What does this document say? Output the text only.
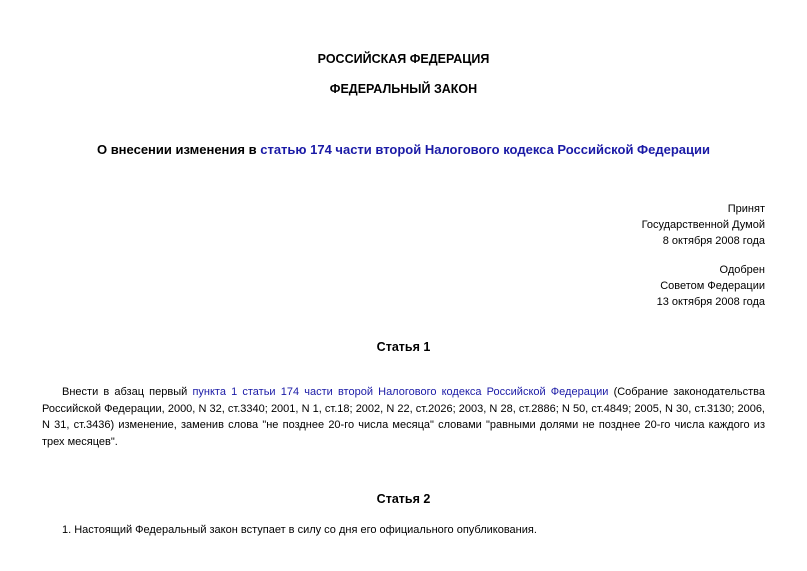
РОССИЙСКАЯ ФЕДЕРАЦИЯ
ФЕДЕРАЛЬНЫЙ ЗАКОН
О внесении изменения в статью 174 части второй Налогового кодекса Российской Федерации
Принят
Государственной Думой
8 октября 2008 года
Одобрен
Советом Федерации
13 октября 2008 года
Статья 1
Внести в абзац первый пункта 1 статьи 174 части второй Налогового кодекса Российской Федерации (Собрание законодательства Российской Федерации, 2000, N 32, ст.3340; 2001, N 1, ст.18; 2002, N 22, ст.2026; 2003, N 28, ст.2886; N 50, ст.4849; 2005, N 30, ст.3130; 2006, N 31, ст.3436) изменение, заменив слова "не позднее 20-го числа месяца" словами "равными долями не позднее 20-го числа каждого из трех месяцев".
Статья 2
1. Настоящий Федеральный закон вступает в силу со дня его официального опубликования.
